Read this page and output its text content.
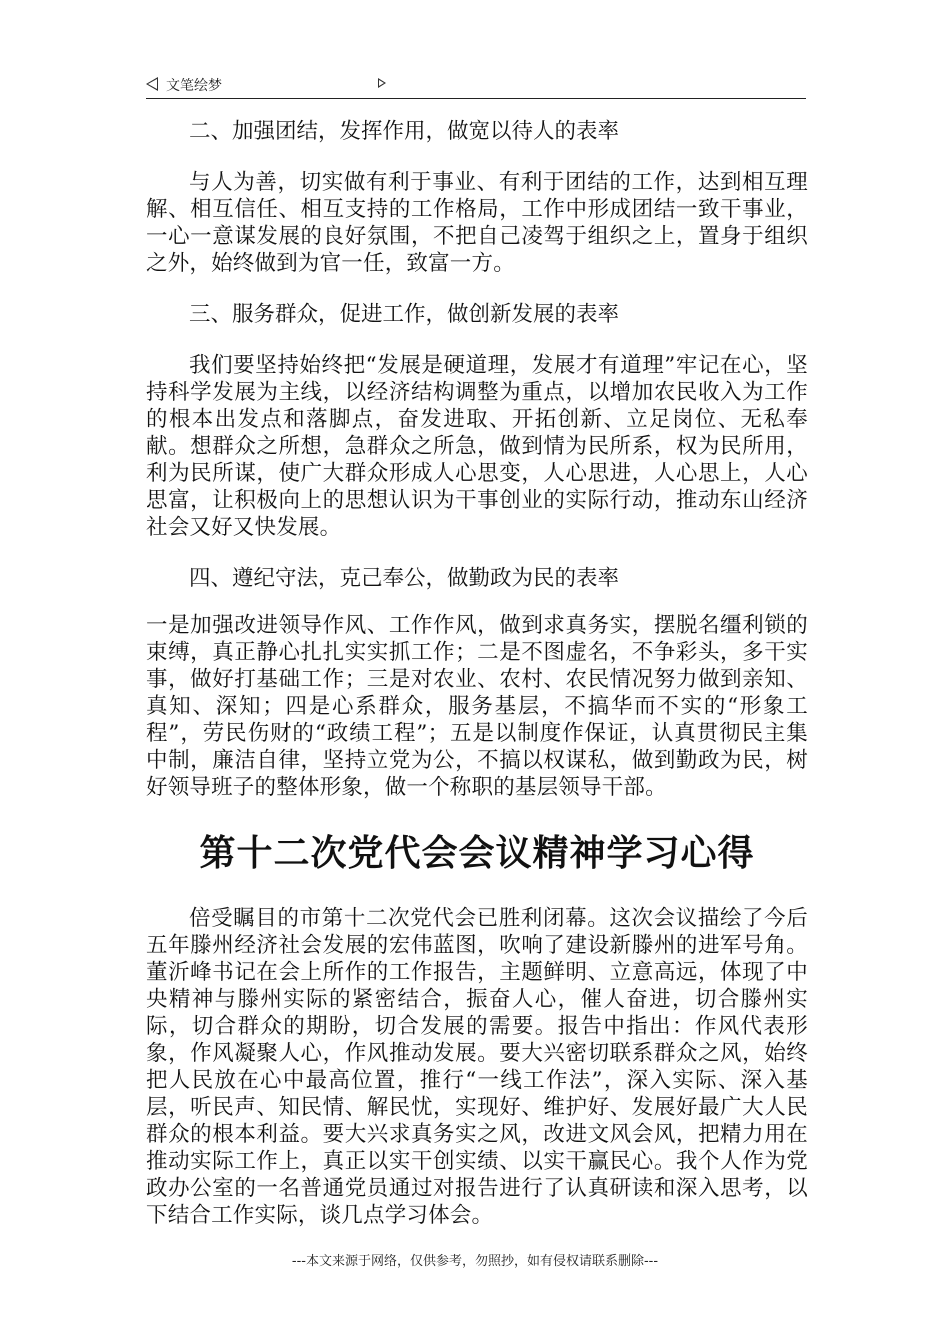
文笔绘梦

二、加强团结，发挥作用，做宽以待人的表率

与人为善，切实做有利于事业、有利于团结的工作，达到相互理解、相互信任、相互支持的工作格局，工作中形成团结一致干事业，一心一意谋发展的良好氛围，不把自己凌驾于组织之上，置身于组织之外，始终做到为官一任，致富一方。

三、服务群众，促进工作，做创新发展的表率

我们要坚持始终把“发展是硬道理，发展才有道理”牢记在心，坚持科学发展为主线，以经济结构调整为重点，以增加农民收入为工作的根本出发点和落脚点，奋发进取、开拓创新、立足岗位、无私奉献。想群众之所想，急群众之所急，做到情为民所系，权为民所用，利为民所谋，使广大群众形成人心思变，人心思进，人心思上，人心思富，让积极向上的思想认识为干事创业的实际行动，推动东山经济社会又好又快发展。

四、遵纪守法，克己奉公，做勤政为民的表率

一是加强改进领导作风、工作作风，做到求真务实，摆脱名缰利锁的束缚，真正静心扎扎实实抓工作；二是不图虚名，不争彩头，多干实事，做好打基础工作；三是对农业、农村、农民情况努力做到亲知、真知、深知；四是心系群众，服务基层，不搞华而不实的“形象工程”，劳民伤财的“政绩工程”；五是以制度作保证，认真贯彻民主集中制，廉洁自律，坚持立党为公，不搞以权谋私，做到勤政为民，树好领导班子的整体形象，做一个称职的基层领导干部。

第十二次党代会会议精神学习心得

倍受瞩目的市第十二次党代会已胜利闭幕。这次会议描绘了今后五年滕州经济社会发展的宏伟蓝图，吹响了建设新滕州的进军号角。董沂峰书记在会上所作的工作报告，主题鲜明、立意高远，体现了中央精神与滕州实际的紧密结合，振奋人心，催人奋进，切合滕州实际，切合群众的期盼，切合发展的需要。报告中指出：作风代表形象，作风凝聚人心，作风推动发展。要大兴密切联系群众之风，始终把人民放在心中最高位置，推行“一线工作法”，深入实际、深入基层，听民声、知民情、解民忧，实现好、维护好、发展好最广大人民群众的根本利益。要大兴求真务实之风，改进文风会风，把精力用在推动实际工作上，真正以实干创实绩、以实干赢民心。我个人作为党政办公室的一名普通党员通过对报告进行了认真研读和深入思考，以下结合工作实际，谈几点学习体会。

---本文来源于网络，仅供参考，勿照抄，如有侵权请联系删除---
